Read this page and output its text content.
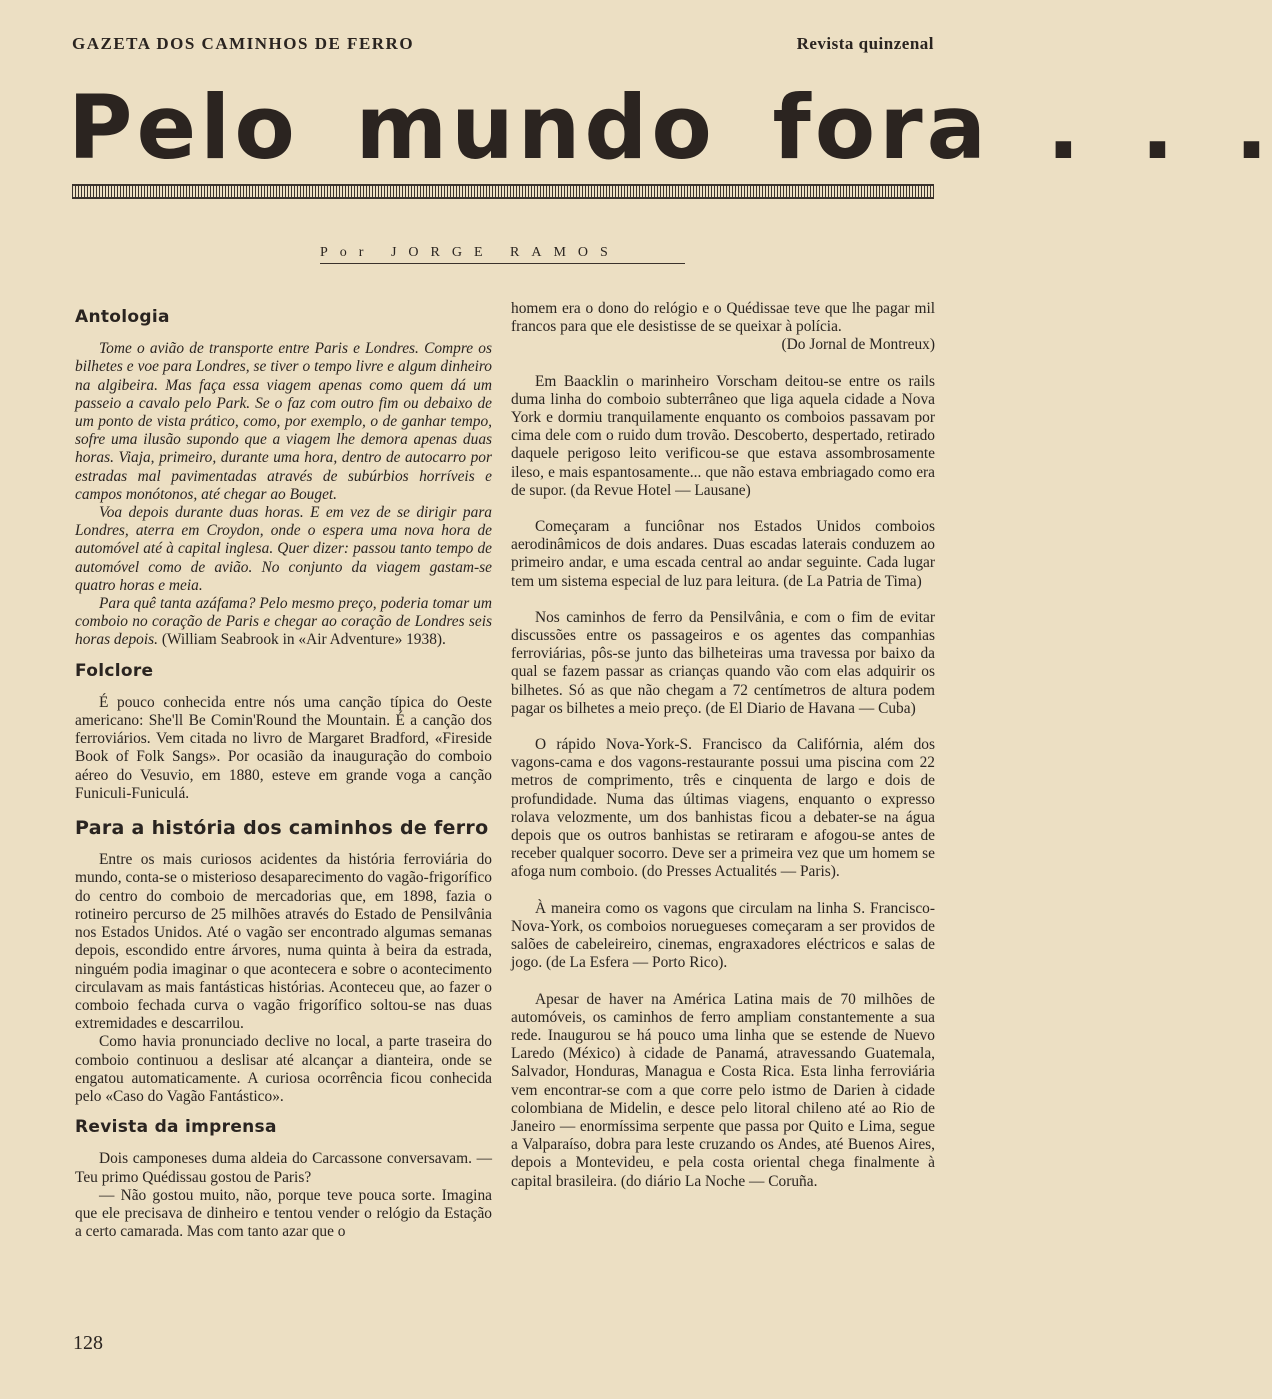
GAZETA DOS CAMINHOS DE FERRO	Revista quinzenal
Pelo mundo fora . . .
Por JORGE RAMOS
Antologia

Tome o avião de transporte entre Paris e Londres. Compre os bilhetes e voe para Londres, se tiver o tempo livre e algum dinheiro na algibeira. Mas faça essa viagem apenas como quem dá um passeio a cavalo pelo Park. Se o faz com outro fim ou debaixo de um ponto de vista prático, como, por exemplo, o de ganhar tempo, sofre uma ilusão supondo que a viagem lhe demora apenas duas horas. Viaja, primeiro, durante uma hora, dentro de autocarro por estradas mal pavimentadas através de subúrbios horríveis e campos monótonos, até chegar ao Bouget.

Voa depois durante duas horas. E em vez de se dirigir para Londres, aterra em Croydon, onde o espera uma nova hora de automóvel até à capital inglesa. Quer dizer: passou tanto tempo de automóvel como de avião. No conjunto da viagem gastam-se quatro horas e meia.

Para quê tanta azáfama? Pelo mesmo preço, poderia tomar um comboio no coração de Paris e chegar ao coração de Londres seis horas depois. (William Seabrook in «Air Adventure» 1938).

Folclore

É pouco conhecida entre nós uma canção típica do Oeste americano: She'll Be Comin'Round the Mountain. É a canção dos ferroviários. Vem citada no livro de Margaret Bradford, «Fireside Book of Folk Sangs». Por ocasião da inauguração do comboio aéreo do Vesuvio, em 1880, esteve em grande voga a canção Funiculi-Funiculá.

Para a história dos caminhos de ferro

Entre os mais curiosos acidentes da história ferroviária do mundo, conta-se o misterioso desaparecimento do vagão-frigorífico do centro do comboio de mercadorias que, em 1898, fazia o rotineiro percurso de 25 milhões através do Estado de Pensilvânia nos Estados Unidos. Até o vagão ser encontrado algumas semanas depois, escondido entre árvores, numa quinta à beira da estrada, ninguém podia imaginar o que acontecera e sobre o acontecimento circulavam as mais fantásticas histórias. Aconteceu que, ao fazer o comboio fechada curva o vagão frigorífico soltou-se nas duas extremidades e descarrilou.

Como havia pronunciado declive no local, a parte traseira do comboio continuou a deslisar até alcançar a dianteira, onde se engatou automaticamente. A curiosa ocorrência ficou conhecida pelo «Caso do Vagão Fantástico».

Revista da imprensa

Dois camponeses duma aldeia do Carcassone conversavam. — Teu primo Quédissau gostou de Paris?

— Não gostou muito, não, porque teve pouca sorte. Imagina que ele precisava de dinheiro e tentou vender o relógio da Estação a certo camarada. Mas com tanto azar que o

homem era o dono do relógio e o Quédissae teve que lhe pagar mil francos para que ele desistisse de se queixar à polícia.

(Do Jornal de Montreux)

Em Baacklin o marinheiro Vorscham deitou-se entre os rails duma linha do comboio subterrâneo que liga aquela cidade a Nova York e dormiu tranquilamente enquanto os comboios passavam por cima dele com o ruido dum trovão. Descoberto, despertado, retirado daquele perigoso leito verificou-se que estava assombrosamente ileso, e mais espantosamente... que não estava embriagado como era de supor. (da Revue Hotel — Lausane)

Começaram a funciônar nos Estados Unidos comboios aerodinâmicos de dois andares. Duas escadas laterais conduzem ao primeiro andar, e uma escada central ao andar seguinte. Cada lugar tem um sistema especial de luz para leitura. (de La Patria de Tima)

Nos caminhos de ferro da Pensilvânia, e com o fim de evitar discussões entre os passageiros e os agentes das companhias ferroviárias, pôs-se junto das bilheteiras uma travessa por baixo da qual se fazem passar as crianças quando vão com elas adquirir os bilhetes. Só as que não chegam a 72 centímetros de altura podem pagar os bilhetes a meio preço. (de El Diario de Havana — Cuba)

O rápido Nova-York-S. Francisco da Califórnia, além dos vagons-cama e dos vagons-restaurante possui uma piscina com 22 metros de comprimento, três e cinquenta de largo e dois de profundidade. Numa das últimas viagens, enquanto o expresso rolava velozmente, um dos banhistas ficou a debater-se na água depois que os outros banhistas se retiraram e afogou-se antes de receber qualquer socorro. Deve ser a primeira vez que um homem se afoga num comboio. (do Presses Actualités — Paris).

À maneira como os vagons que circulam na linha S. Francisco-Nova-York, os comboios noruegueses começaram a ser providos de salões de cabeleireiro, cinemas, engraxadores eléctricos e salas de jogo. (de La Esfera — Porto Rico).

Apesar de haver na América Latina mais de 70 milhões de automóveis, os caminhos de ferro ampliam constantemente a sua rede. Inaugurou se há pouco uma linha que se estende de Nuevo Laredo (México) à cidade de Panamá, atravessando Guatemala, Salvador, Honduras, Managua e Costa Rica. Esta linha ferroviária vem encontrar-se com a que corre pelo istmo de Darien à cidade colombiana de Midelin, e desce pelo litoral chileno até ao Rio de Janeiro — enormíssima serpente que passa por Quito e Lima, segue a Valparaíso, dobra para leste cruzando os Andes, até Buenos Aires, depois a Montevideu, e pela costa oriental chega finalmente à capital brasileira. (do diário La Noche — Coruña.

128
